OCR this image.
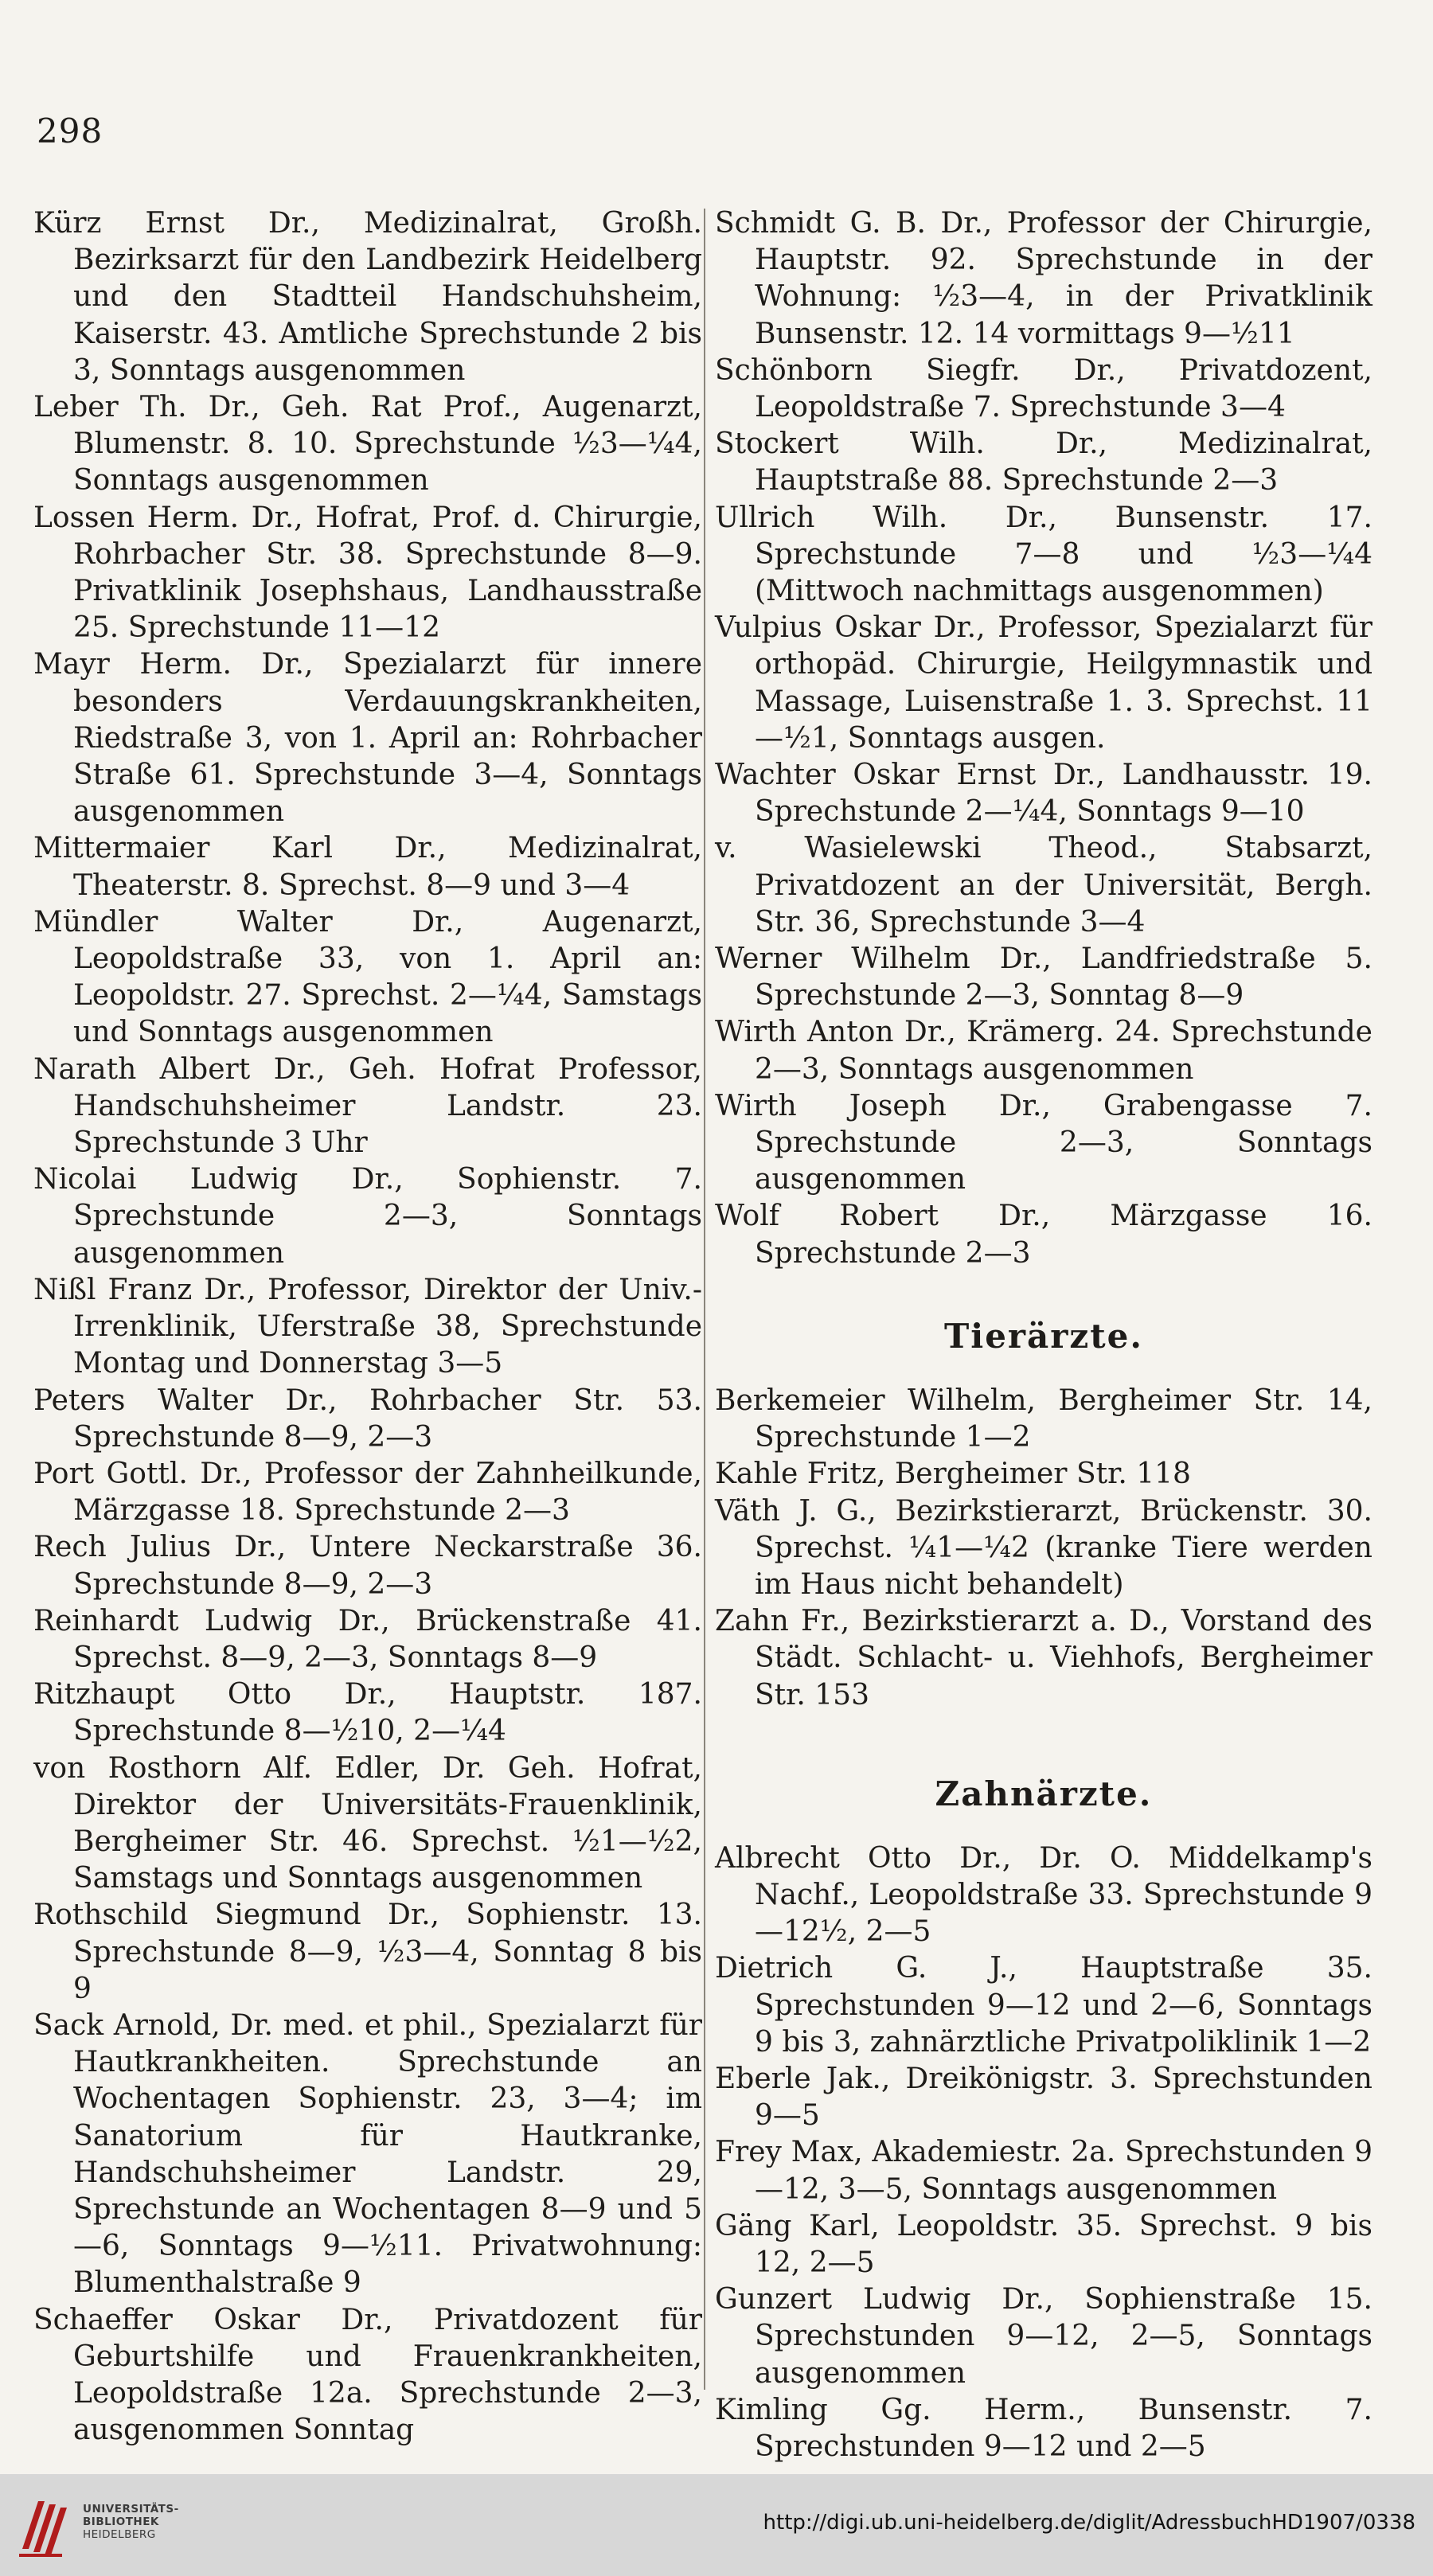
298

Kürz Ernst Dr., Medizinalrat, Großh. Bezirksarzt für den Landbezirk Heidelberg und den Stadtteil Handschuhsheim, Kaiserstr. 43. Amtliche Sprechstunde 2 bis 3, Sonntags ausgenommen

Leber Th. Dr., Geh. Rat Prof., Augenarzt, Blumenstr. 8. 10. Sprechstunde ½3—¼4, Sonntags ausgenommen

Lossen Herm. Dr., Hofrat, Prof. d. Chirurgie, Rohrbacher Str. 38. Sprechstunde 8—9. Privatklinik Josephshaus, Landhausstraße 25. Sprechstunde 11—12

Mayr Herm. Dr., Spezialarzt für innere besonders Verdauungskrankheiten, Riedstraße 3, von 1. April an: Rohrbacher Straße 61. Sprechstunde 3—4, Sonntags ausgenommen

Mittermaier Karl Dr., Medizinalrat, Theaterstr. 8. Sprechst. 8—9 und 3—4

Mündler Walter Dr., Augenarzt, Leopoldstraße 33, von 1. April an: Leopoldstr. 27. Sprechst. 2—¼4, Samstags und Sonntags ausgenommen

Narath Albert Dr., Geh. Hofrat Professor, Handschuhsheimer Landstr. 23. Sprechstunde 3 Uhr

Nicolai Ludwig Dr., Sophienstr. 7. Sprechstunde 2—3, Sonntags ausgenommen

Nißl Franz Dr., Professor, Direktor der Univ.-Irrenklinik, Uferstraße 38, Sprechstunde Montag und Donnerstag 3—5

Peters Walter Dr., Rohrbacher Str. 53. Sprechstunde 8—9, 2—3

Port Gottl. Dr., Professor der Zahnheilkunde, Märzgasse 18. Sprechstunde 2—3

Rech Julius Dr., Untere Neckarstraße 36. Sprechstunde 8—9, 2—3

Reinhardt Ludwig Dr., Brückenstraße 41. Sprechst. 8—9, 2—3, Sonntags 8—9

Ritzhaupt Otto Dr., Hauptstr. 187. Sprechstunde 8—½10, 2—¼4

von Rosthorn Alf. Edler, Dr. Geh. Hofrat, Direktor der Universitäts-Frauenklinik, Bergheimer Str. 46. Sprechst. ½1—½2, Samstags und Sonntags ausgenommen

Rothschild Siegmund Dr., Sophienstr. 13. Sprechstunde 8—9, ½3—4, Sonntag 8 bis 9

Sack Arnold, Dr. med. et phil., Spezialarzt für Hautkrankheiten. Sprechstunde an Wochentagen Sophienstr. 23, 3—4; im Sanatorium für Hautkranke, Handschuhsheimer Landstr. 29, Sprechstunde an Wochentagen 8—9 und 5—6, Sonntags 9—½11. Privatwohnung: Blumenthalstraße 9

Schaeffer Oskar Dr., Privatdozent für Geburtshilfe und Frauenkrankheiten, Leopoldstraße 12a. Sprechstunde 2—3, ausgenommen Sonntag

Schmidt G. B. Dr., Professor der Chirurgie, Hauptstr. 92. Sprechstunde in der Wohnung: ½3—4, in der Privatklinik Bunsenstr. 12. 14 vormittags 9—½11

Schönborn Siegfr. Dr., Privatdozent, Leopoldstraße 7. Sprechstunde 3—4

Stockert Wilh. Dr., Medizinalrat, Hauptstraße 88. Sprechstunde 2—3

Ullrich Wilh. Dr., Bunsenstr. 17. Sprechstunde 7—8 und ½3—¼4 (Mittwoch nachmittags ausgenommen)

Vulpius Oskar Dr., Professor, Spezialarzt für orthopäd. Chirurgie, Heilgymnastik und Massage, Luisenstraße 1. 3. Sprechst. 11—½1, Sonntags ausgen.

Wachter Oskar Ernst Dr., Landhausstr. 19. Sprechstunde 2—¼4, Sonntags 9—10

v. Wasielewski Theod., Stabsarzt, Privatdozent an der Universität, Bergh. Str. 36, Sprechstunde 3—4

Werner Wilhelm Dr., Landfriedstraße 5. Sprechstunde 2—3, Sonntag 8—9

Wirth Anton Dr., Krämerg. 24. Sprechstunde 2—3, Sonntags ausgenommen

Wirth Joseph Dr., Grabengasse 7. Sprechstunde 2—3, Sonntags ausgenommen

Wolf Robert Dr., Märzgasse 16. Sprechstunde 2—3

Tierärzte.

Berkemeier Wilhelm, Bergheimer Str. 14, Sprechstunde 1—2

Kahle Fritz, Bergheimer Str. 118

Väth J. G., Bezirkstierarzt, Brückenstr. 30. Sprechst. ¼1—¼2 (kranke Tiere werden im Haus nicht behandelt)

Zahn Fr., Bezirkstierarzt a. D., Vorstand des Städt. Schlacht- u. Viehhofs, Bergheimer Str. 153

Zahnärzte.

Albrecht Otto Dr., Dr. O. Middelkamp's Nachf., Leopoldstraße 33. Sprechstunde 9—12½, 2—5

Dietrich G. J., Hauptstraße 35. Sprechstunden 9—12 und 2—6, Sonntags 9 bis 3, zahnärztliche Privatpoliklinik 1—2

Eberle Jak., Dreikönigstr. 3. Sprechstunden 9—5

Frey Max, Akademiestr. 2a. Sprechstunden 9—12, 3—5, Sonntags ausgenommen

Gäng Karl, Leopoldstr. 35. Sprechst. 9 bis 12, 2—5

Gunzert Ludwig Dr., Sophienstraße 15. Sprechstunden 9—12, 2—5, Sonntags ausgenommen

Kimling Gg. Herm., Bunsenstr. 7. Sprechstunden 9—12 und 2—5

UNIVERSITÄTS-
BIBLIOTHEK
HEIDELBERG	http://digi.ub.uni-heidelberg.de/diglit/AdressbuchHD1907/0338
